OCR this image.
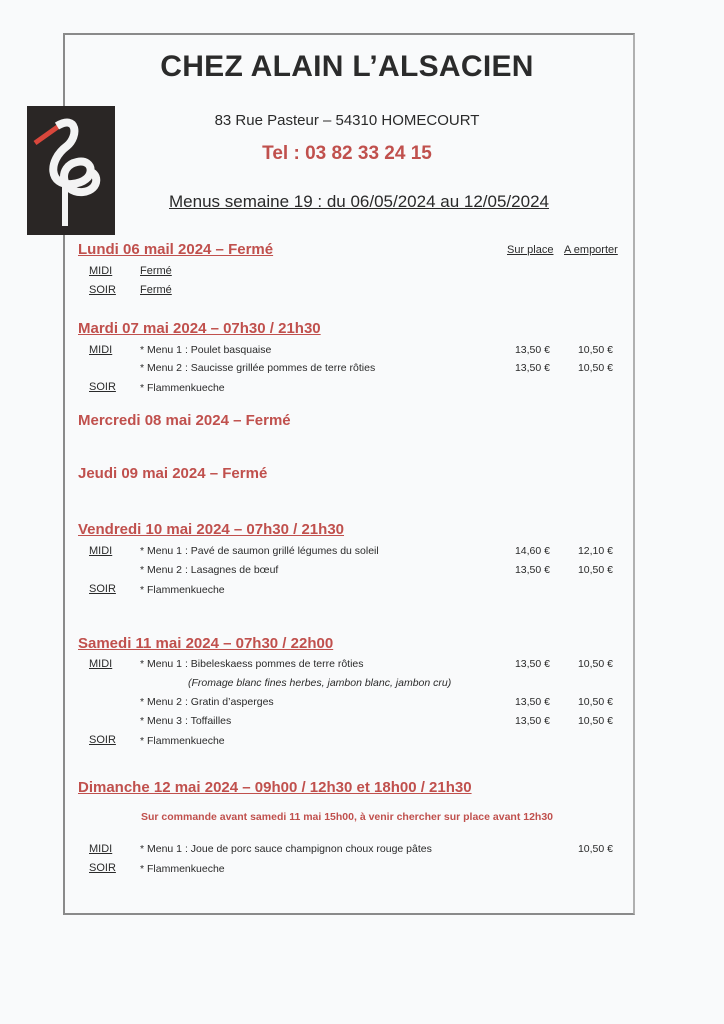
CHEZ ALAIN L’ALSACIEN
83 Rue Pasteur – 54310 HOMECOURT
Tel : 03 82 33 24 15
Menus semaine 19 : du 06/05/2024 au 12/05/2024
Lundi 06 mail 2024 – Fermé	Sur place A emporter
MIDI	Fermé
SOIR Fermé
Mardi 07 mai 2024 – 07h30 / 21h30
MIDI	* Menu 1 : Poulet basquaise	13,50 €	10,50 €
* Menu 2 : Saucisse grillée pommes de terre rôties	13,50 €	10,50 €
SOIR * Flammenkueche
Mercredi 08 mai 2024 – Fermé
Jeudi 09 mai 2024 – Fermé
Vendredi 10 mai 2024 – 07h30 / 21h30
MIDI	* Menu 1 : Pavé de saumon grillé légumes du soleil	14,60 €	12,10 €
* Menu 2 : Lasagnes de bœuf	13,50 €	10,50 €
SOIR * Flammenkueche
Samedi 11 mai 2024 – 07h30 / 22h00
MIDI	* Menu 1 : Bibeleskaess pommes de terre rôties	13,50 €	10,50 €
(Fromage blanc fines herbes, jambon blanc, jambon cru)
* Menu 2 : Gratin d’asperges	13,50 €	10,50 €
* Menu 3 : Toffailles	13,50 €	10,50 €
SOIR * Flammenkueche
Dimanche 12 mai 2024 – 09h00 / 12h30 et 18h00 / 21h30
Sur commande avant samedi 11 mai 15h00, à venir chercher sur place avant 12h30
MIDI	* Menu 1 : Joue de porc sauce champignon choux rouge pâtes	10,50 €
SOIR * Flammenkueche
